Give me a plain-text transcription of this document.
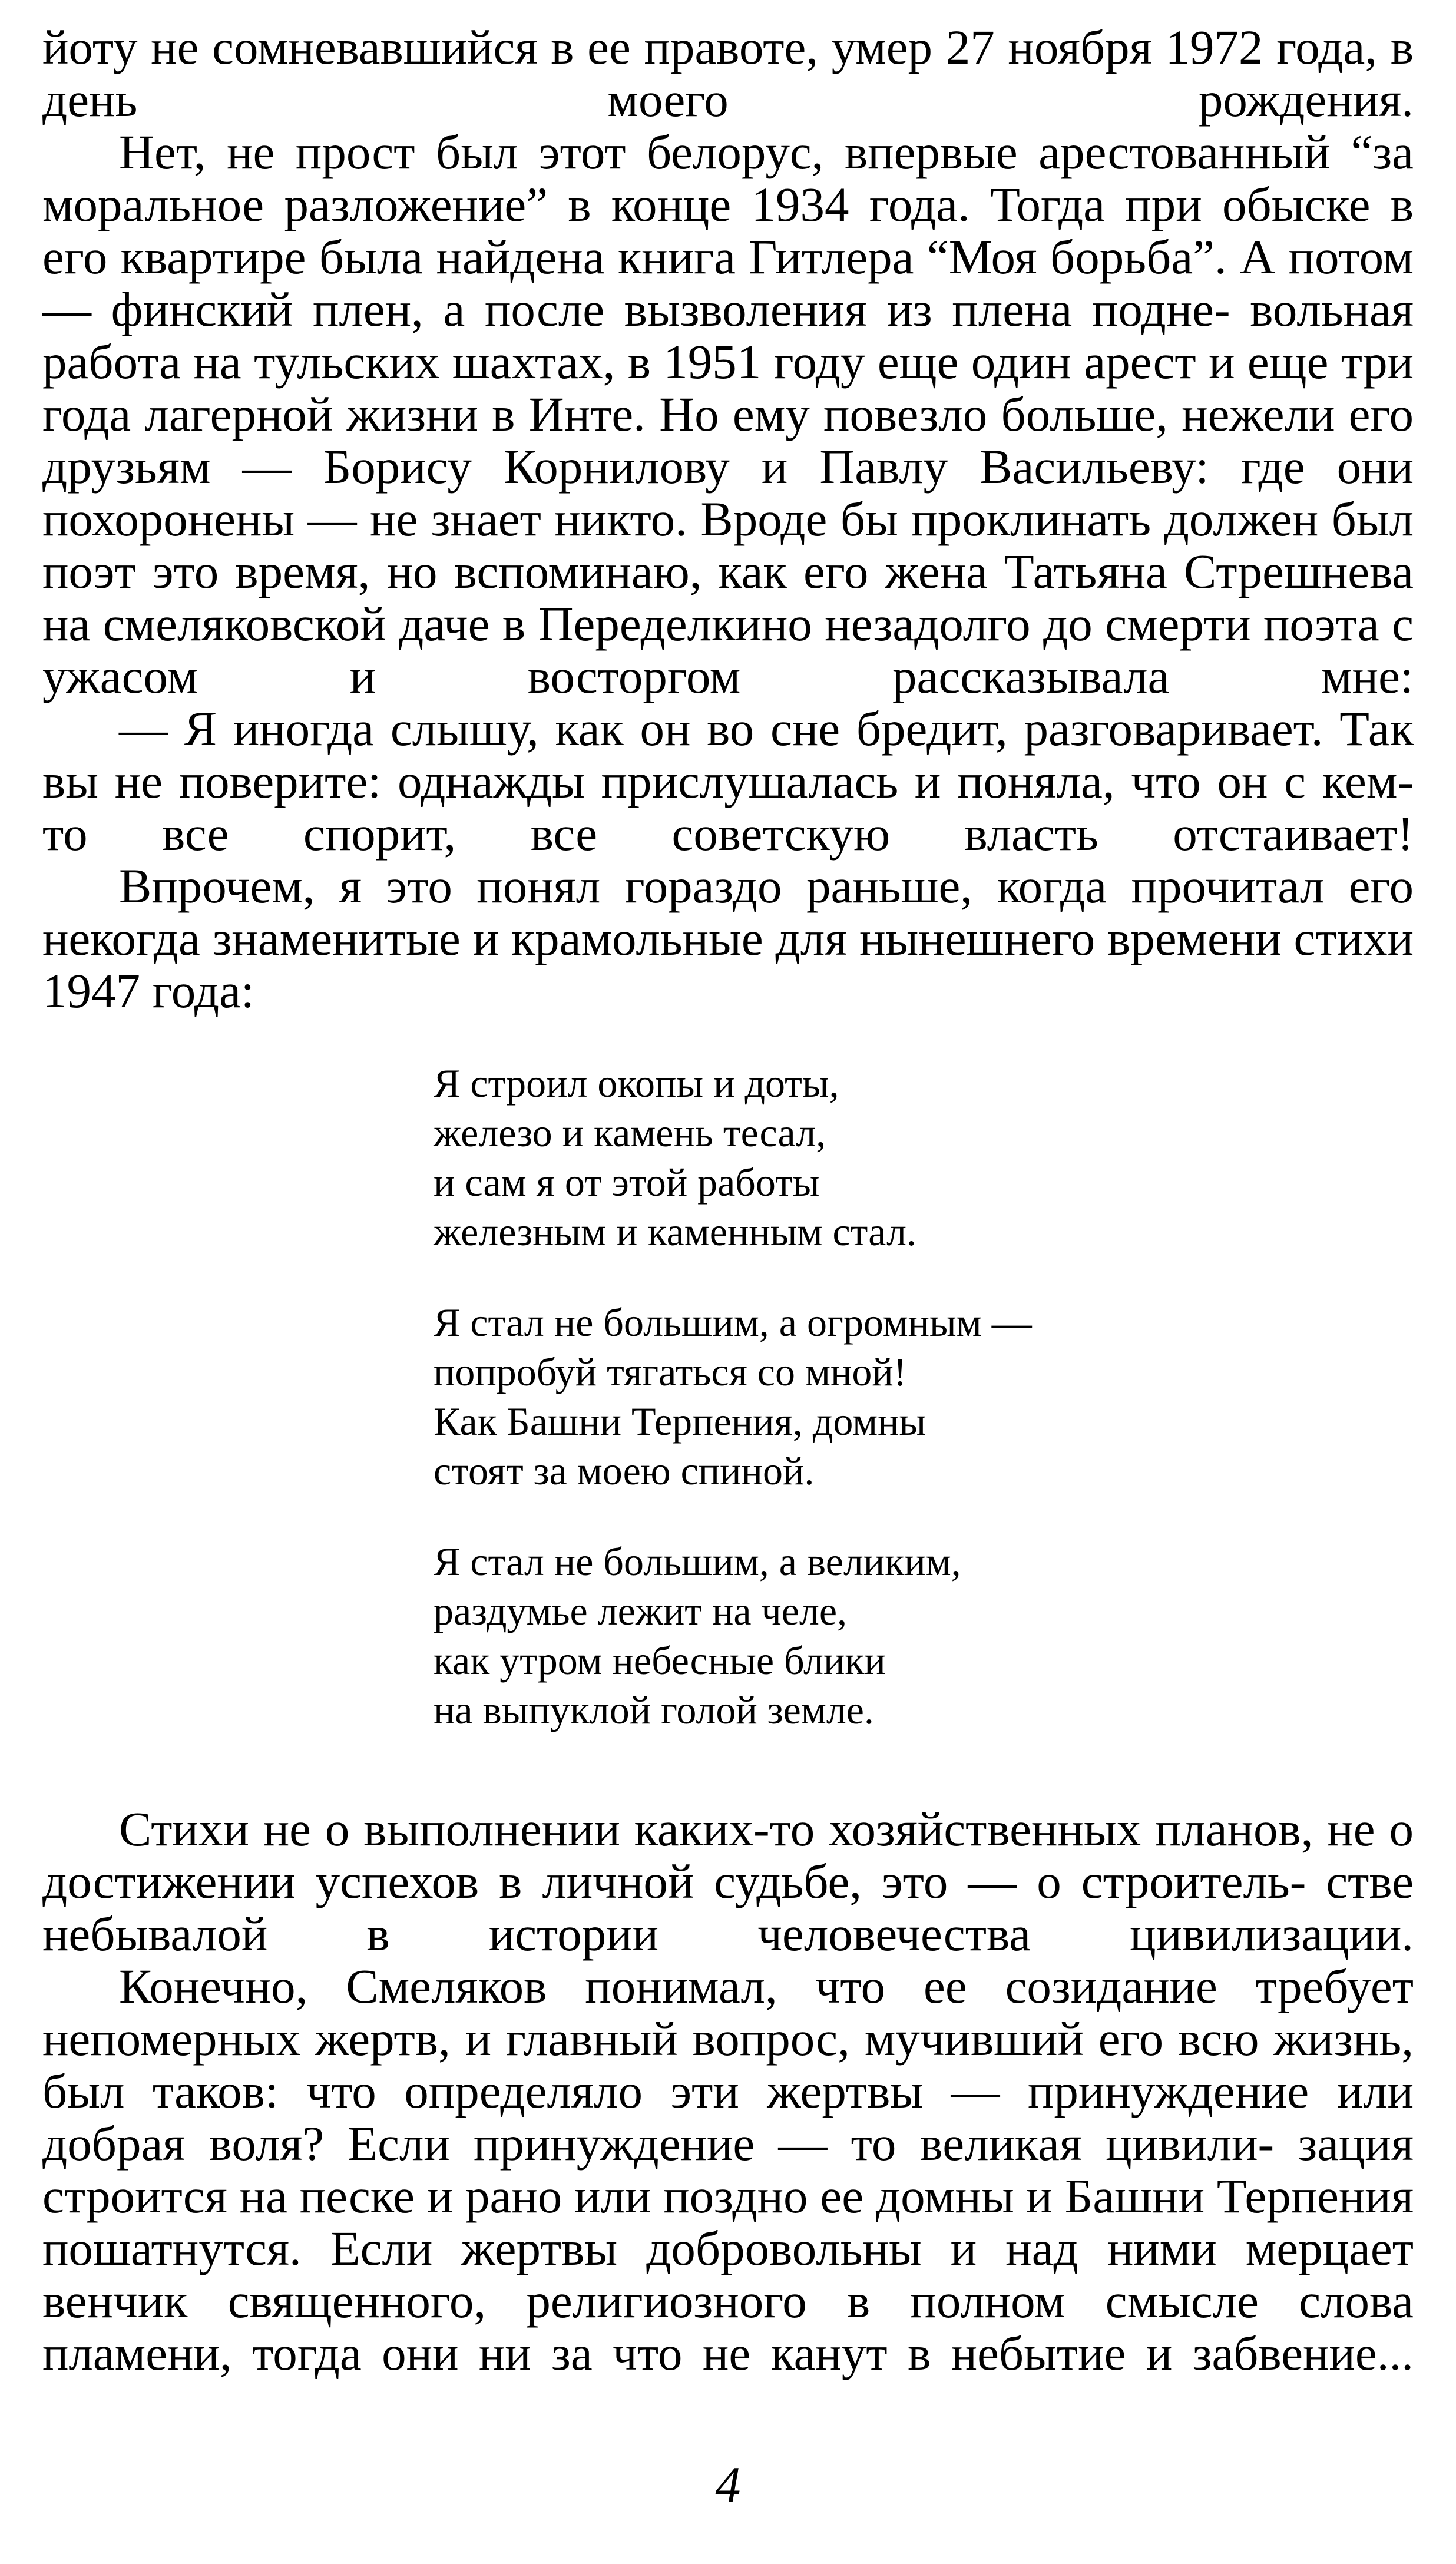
йоту не сомневавшийся в ее правоте, умер 27 ноября 1972 года, в день моего рождения.

Нет, не прост был этот белорус, впервые арестованный “за моральное разложение” в конце 1934 года. Тогда при обыске в его квартире была найдена книга Гитлера “Моя борьба”. А потом — финский плен, а после вызволения из плена подне- вольная работа на тульских шахтах, в 1951 году еще один арест и еще три года лагерной жизни в Инте. Но ему повезло больше, нежели его друзьям — Борису Корнилову и Павлу Васильеву: где они похоронены — не знает никто. Вроде бы проклинать должен был поэт это время, но вспоминаю, как его жена Татьяна Стрешнева на смеляковской даче в Переделкино незадолго до смерти поэта с ужасом и восторгом рассказывала мне:

— Я иногда слышу, как он во сне бредит, разговаривает. Так вы не поверите: однажды прислушалась и поняла, что он с кем-то все спорит, все советскую власть отстаивает!

Впрочем, я это понял гораздо раньше, когда прочитал его некогда знаменитые и крамольные для нынешнего времени стихи 1947 года:

Я строил окопы и доты,
железо и камень тесал,
и сам я от этой работы
железным и каменным стал.
Я стал не большим, а огромным —
попробуй тягаться со мной!
Как Башни Терпения, домны
стоят за моею спиной.
Я стал не большим, а великим,
раздумье лежит на челе,
как утром небесные блики
на выпуклой голой земле.

Стихи не о выполнении каких-то хозяйственных планов, не о достижении успехов в личной судьбе, это — о строитель- стве небывалой в истории человечества цивилизации.

Конечно, Смеляков понимал, что ее созидание требует непомерных жертв, и главный вопрос, мучивший его всю жизнь, был таков: что определяло эти жертвы — принуждение или добрая воля? Если принуждение — то великая цивили- зация строится на песке и рано или поздно ее домны и Башни Терпения пошатнутся. Если жертвы добровольны и над ними мерцает венчик священного, религиозного в полном смысле слова пламени, тогда они ни за что не канут в небытие и забвение...

4
